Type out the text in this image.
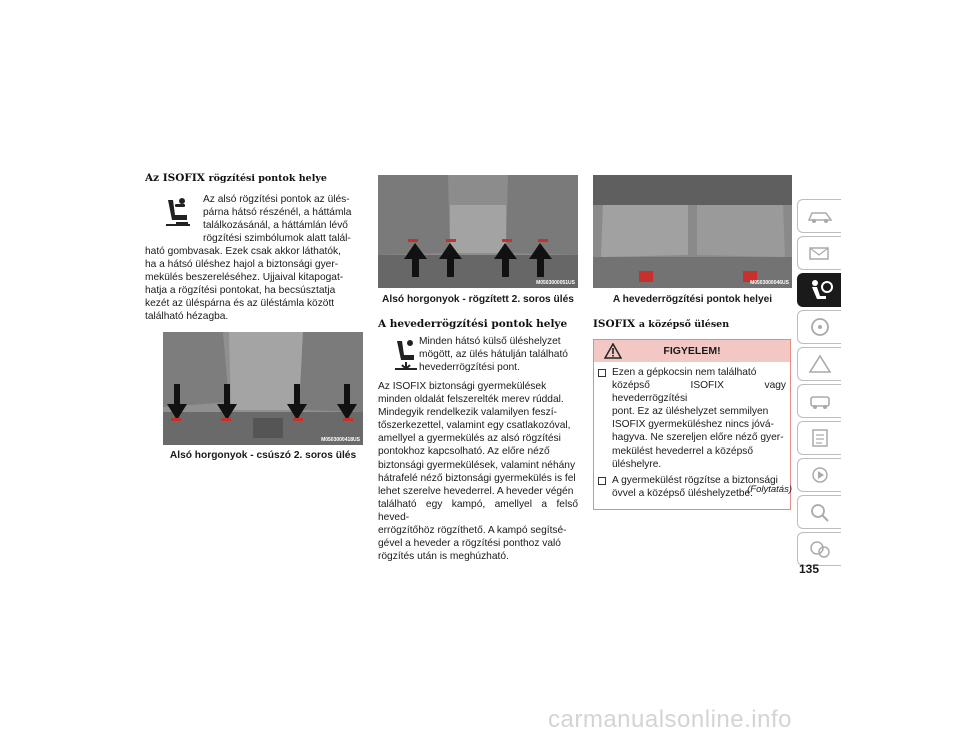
Az ISOFIX rögzítési pontok helye
Az alsó rögzítési pontok az ülés-
párna hátsó részénél, a háttámla
találkozásánál, a háttámlán lévő
rögzítési szimbólumok alatt talál-
ható gombvasak. Ezek csak akkor láthatók,
ha a hátsó üléshez hajol a biztonsági gyer-
mekülés beszereléséhez. Ujjaival kitapogat-
hatja a rögzítési pontokat, ha becsúsztatja
kezét az üléspárna és az üléstámla között
található hézagba.
M0503000418US
Alsó horgonyok - csúszó 2. soros ülés
M0503000051US
Alsó horgonyok - rögzített 2. soros ülés
A hevederrögzítési pontok helye
Minden hátsó külső üléshelyzet
mögött, az ülés hátulján található
hevederrögzítési pont.
Az ISOFIX biztonsági gyermekülések
minden oldalát felszerelték merev rúddal.
Mindegyik rendelkezik valamilyen feszí-
tőszerkezettel, valamint egy csatlakozóval,
amellyel a gyermekülés az alsó rögzítési
pontokhoz kapcsolható. Az előre néző
biztonsági gyermekülések, valamint néhány
hátrafelé néző biztonsági gyermekülés is fel
lehet szerelve hevederrel. A heveder végén
található egy kampó, amellyel a felső heved-
errögzítőhöz rögzíthető. A kampó segítsé-
gével a heveder a rögzítési ponthoz való
rögzítés után is meghúzható.
M0503000046US
A hevederrögzítési pontok helyei
ISOFIX a középső ülésen
FIGYELEM!
Ezen a gépkocsin nem található
középső ISOFIX vagy hevederrögzítési
pont. Ez az üléshelyzet semmilyen
ISOFIX gyermeküléshez nincs jóvá-
hagyva. Ne szereljen előre néző gyer-
mekülést hevederrel a középső
üléshelyre.
A gyermekülést rögzítse a biztonsági
övvel a középső üléshelyzetbe.
(Folytatás)
135
carmanualsonline.info
